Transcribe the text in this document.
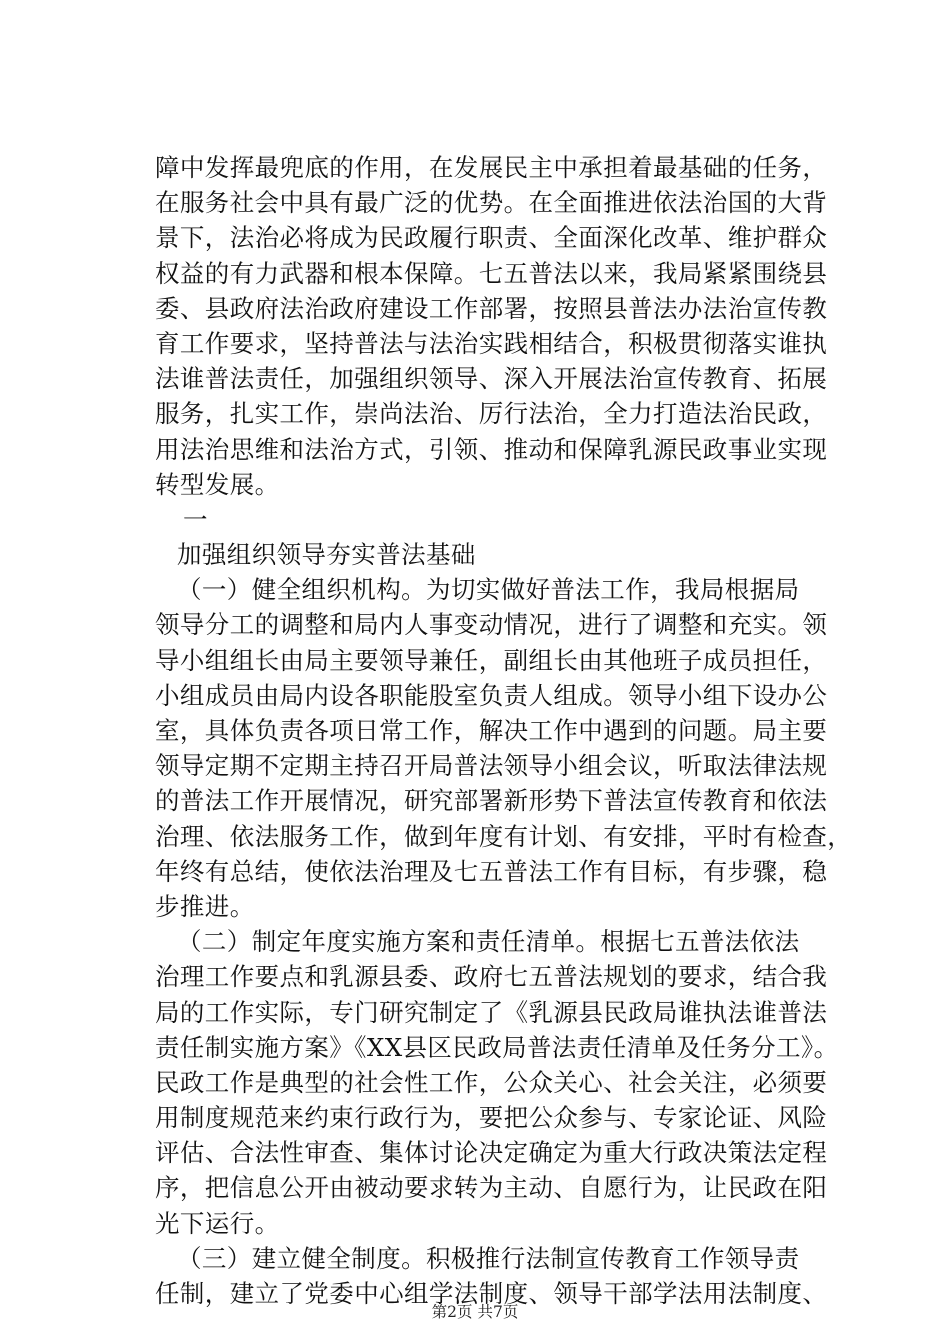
障中发挥最兜底的作用，在发展民主中承担着最基础的任务，
在服务社会中具有最广泛的优势。在全面推进依法治国的大背
景下，法治必将成为民政履行职责、全面深化改革、维护群众
权益的有力武器和根本保障。七五普法以来，我局紧紧围绕县
委、县政府法治政府建设工作部署，按照县普法办法治宣传教
育工作要求，坚持普法与法治实践相结合，积极贯彻落实谁执
法谁普法责任，加强组织领导、深入开展法治宣传教育、拓展
服务，扎实工作，崇尚法治、厉行法治，全力打造法治民政，
用法治思维和法治方式，引领、推动和保障乳源民政事业实现
转型发展。
一
加强组织领导夯实普法基础
（一）健全组织机构。为切实做好普法工作，我局根据局
领导分工的调整和局内人事变动情况，进行了调整和充实。领
导小组组长由局主要领导兼任，副组长由其他班子成员担任，
小组成员由局内设各职能股室负责人组成。领导小组下设办公
室，具体负责各项日常工作，解决工作中遇到的问题。局主要
领导定期不定期主持召开局普法领导小组会议，听取法律法规
的普法工作开展情况，研究部署新形势下普法宣传教育和依法
治理、依法服务工作，做到年度有计划、有安排，平时有检查，
年终有总结，使依法治理及七五普法工作有目标，有步骤，稳
步推进。
（二）制定年度实施方案和责任清单。根据七五普法依法
治理工作要点和乳源县委、政府七五普法规划的要求，结合我
局的工作实际，专门研究制定了《乳源县民政局谁执法谁普法
责任制实施方案》《XX县区民政局普法责任清单及任务分工》。
民政工作是典型的社会性工作，公众关心、社会关注，必须要
用制度规范来约束行政行为，要把公众参与、专家论证、风险
评估、合法性审查、集体讨论决定确定为重大行政决策法定程
序，把信息公开由被动要求转为主动、自愿行为，让民政在阳
光下运行。
（三）建立健全制度。积极推行法制宣传教育工作领导责
任制，建立了党委中心组学法制度、领导干部学法用法制度、
第2页 共7页
